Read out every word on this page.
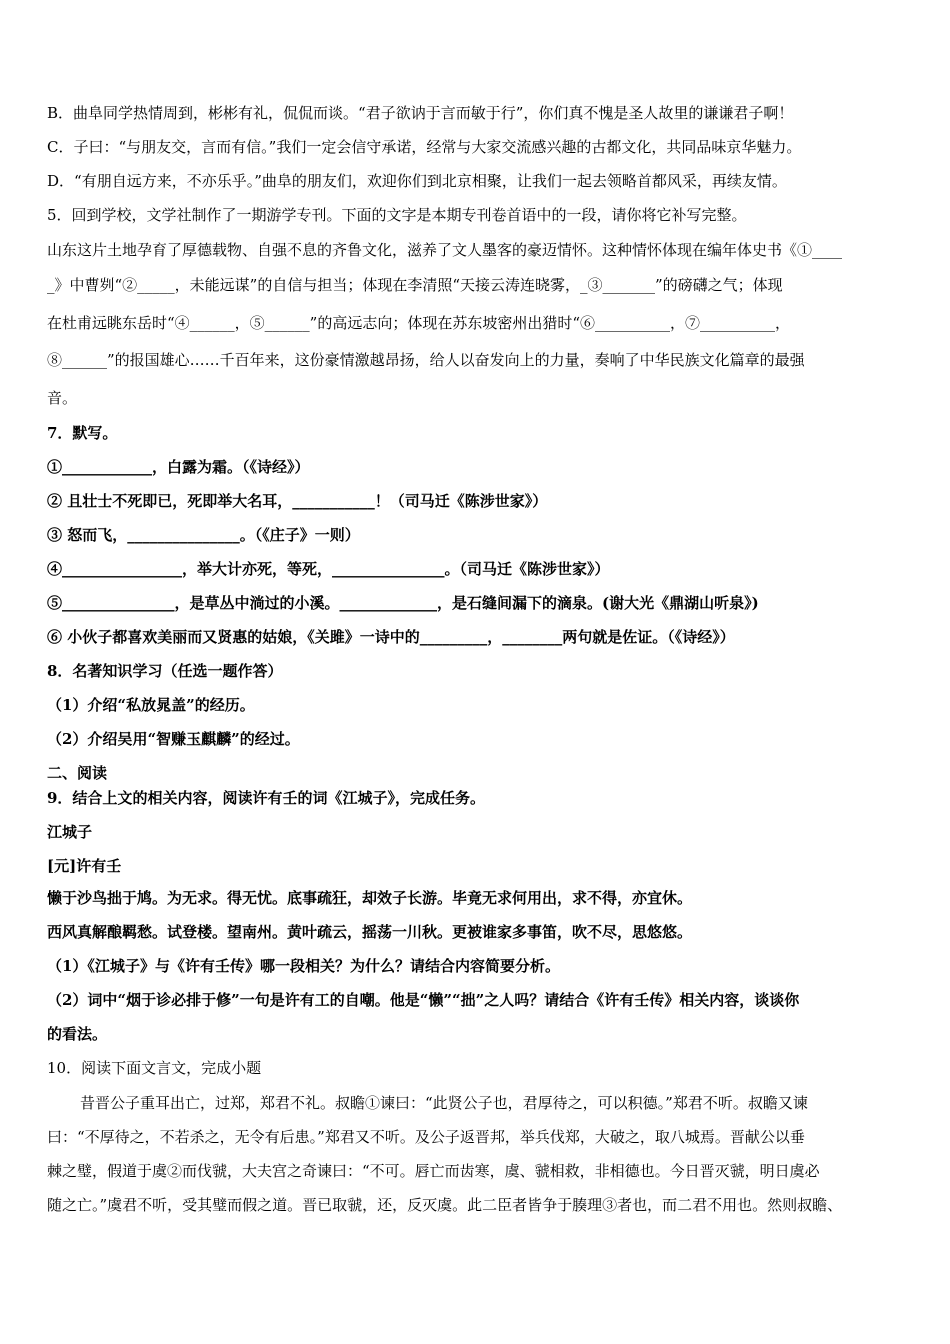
B．曲阜同学热情周到，彬彬有礼，侃侃而谈。“君子欲讷于言而敏于行”，你们真不愧是圣人故里的谦谦君子啊！
C．子曰：“与朋友交，言而有信。”我们一定会信守承诺，经常与大家交流感兴趣的古都文化，共同品味京华魅力。
D．“有朋自远方来，不亦乐乎。”曲阜的朋友们，欢迎你们到北京相聚，让我们一起去领略首都风采，再续友情。
5．回到学校，文学社制作了一期游学专刊。下面的文字是本期专刊卷首语中的一段，请你将它补写完整。
山东这片土地孕育了厚德载物、自强不息的齐鲁文化，滋养了文人墨客的豪迈情怀。这种情怀体现在编年体史书《①____
_》中曹刿“②_____，未能远谋”的自信与担当；体现在李清照“天接云涛连晓雾，_③_______”的磅礴之气；体现
在杜甫远眺东岳时“④______，⑤______”的高远志向；体现在苏东坡密州出猎时“⑥__________，⑦__________，
⑧______”的报国雄心……千百年来，这份豪情激越昂扬，给人以奋发向上的力量，奏响了中华民族文化篇章的最强
音。
7．默写。
①____________，白露为霜。（《诗经》）
② 且壮士不死即已，死即举大名耳，___________！（司马迁《陈涉世家》）
③ 怒而飞，_______________。（《庄子》一则）
④________________，举大计亦死，等死，_______________。（司马迁《陈涉世家》）
⑤_______________，是草丛中淌过的小溪。_____________，是石缝间漏下的滴泉。(谢大光《鼎湖山听泉》)
⑥ 小伙子都喜欢美丽而又贤惠的姑娘，《关雎》一诗中的_________，________两句就是佐证。（《诗经》）
8．名著知识学习（任选一题作答）
（1）介绍“私放晁盖”的经历。
（2）介绍吴用“智赚玉麒麟”的经过。
二、阅读
9．结合上文的相关内容，阅读许有壬的词《江城子》，完成任务。
江城子
[元]许有壬
懒于沙鸟拙于鸠。为无求。得无忧。底事疏狂，却效子长游。毕竟无求何用出，求不得，亦宜休。
西风真解酿羁愁。试登楼。望南州。黄叶疏云，摇荡一川秋。更被谁家多事笛，吹不尽，思悠悠。
（1）《江城子》与《许有壬传》哪一段相关？为什么？请结合内容简要分析。
（2）词中“烟于诊必排于修”一句是许有工的自嘲。他是“懒”“拙”之人吗？请结合《许有壬传》相关内容，谈谈你
的看法。
10．阅读下面文言文，完成小题
昔晋公子重耳出亡，过郑，郑君不礼。叔瞻①谏曰：“此贤公子也，君厚待之，可以积德。”郑君不听。叔瞻又谏
曰：“不厚待之，不若杀之，无令有后患。”郑君又不听。及公子返晋邦，举兵伐郑，大破之，取八城焉。晋献公以垂
棘之璧，假道于虞②而伐虢，大夫宫之奇谏曰：“不可。唇亡而齿寒，虞、虢相救，非相德也。今日晋灭虢，明日虞必
随之亡。”虞君不听，受其璧而假之道。晋已取虢，还，反灭虞。此二臣者皆争于腠理③者也，而二君不用也。然则叔瞻、
